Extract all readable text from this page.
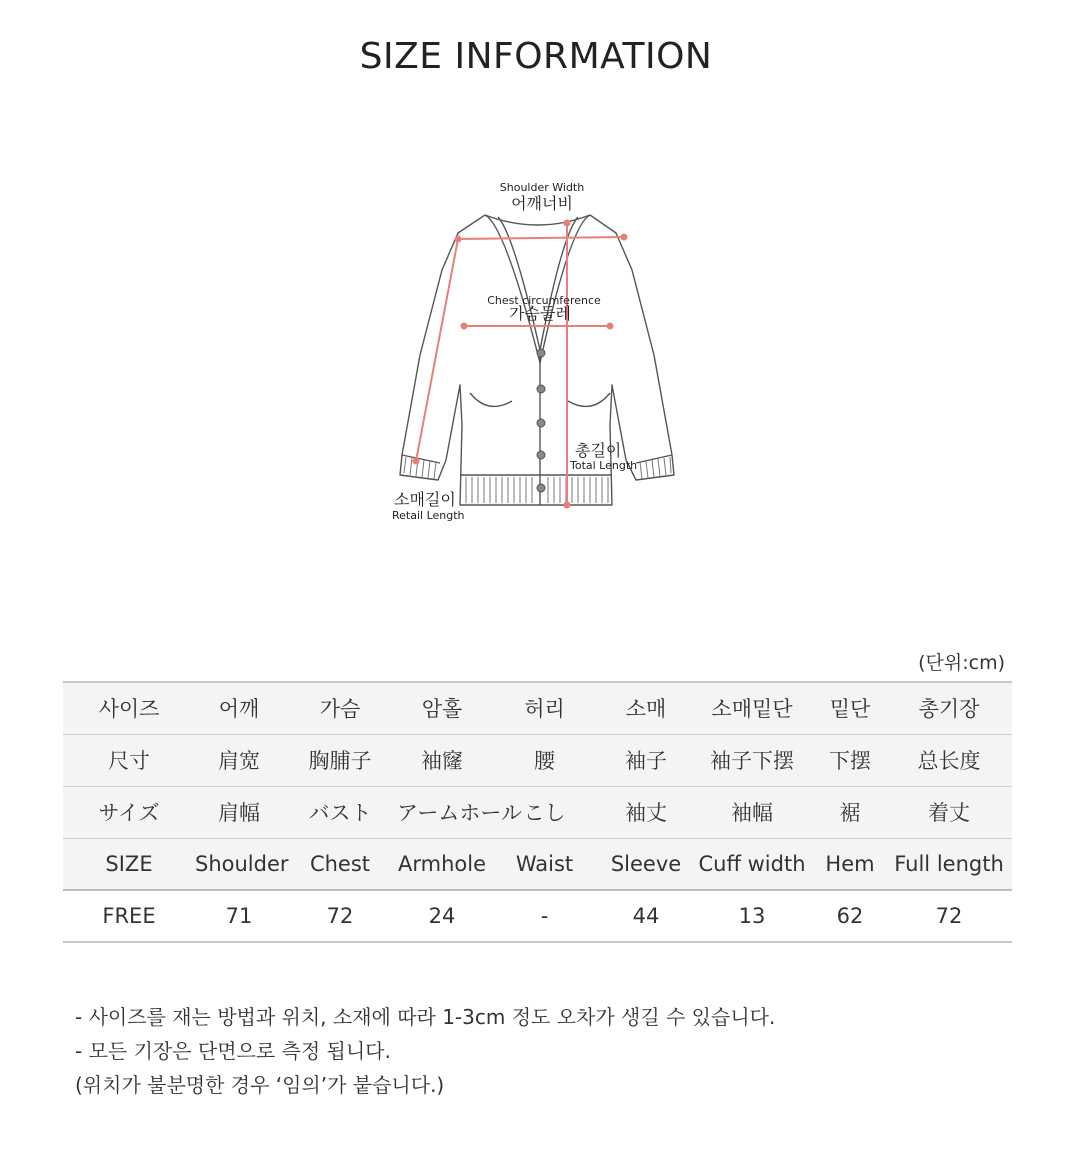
SIZE INFORMATION
Shoulder Width
어깨너비
Chest circumference
가슴둘레
총길이
Total Length
소매길이
Retail Length
(단위:cm)
사이즈	어깨	가슴	암홀	허리	소매	소매밑단	밑단	총기장
尺寸	肩宽	胸脯子	袖窿	腰	袖子	袖子下摆	下摆	总长度
サイズ	肩幅	バスト	アームホール	こし	袖丈	袖幅	裾	着丈
SIZE	Shoulder	Chest	Armhole	Waist	Sleeve	Cuff width	Hem	Full length
FREE	71	72	24	-	44	13	62	72
- 사이즈를 재는 방법과 위치, 소재에 따라 1-3cm 정도 오차가 생길 수 있습니다.
- 모든 기장은 단면으로 측정 됩니다.
(위치가 불분명한 경우 ‘임의’가 붙습니다.)
